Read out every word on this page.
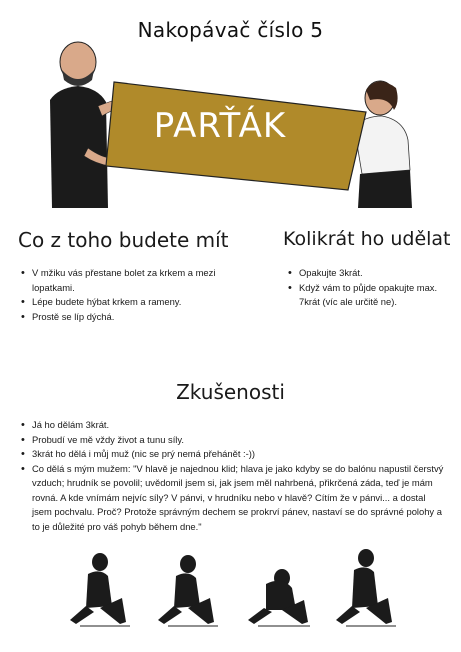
Nakopávač číslo 5
PARŤÁK
Co z toho budete mít
• V mžiku vás přestane bolet za krkem a mezi lopatkami.
• Lépe budete hýbat krkem a rameny.
• Prostě se líp dýchá.
Kolikrát ho udělat
• Opakujte 3krát.
• Když vám to půjde opakujte max. 7krát (víc ale určitě ne).
Zkušenosti
• Já ho dělám 3krát.
• Probudí ve mě vždy život a tunu síly.
• 3krát ho dělá i můj muž (nic se prý nemá přehánět :-))
• Co dělá s mým mužem: "V hlavě je najednou klid; hlava je jako kdyby se do balónu napustil čerstvý vzduch; hrudník se povolil; uvědomil jsem si, jak jsem měl nahrbená, přikrčená záda, teď je mám rovná. A kde vnímám nejvíc síly? V pánvi, v hrudníku nebo v hlavě? Cítím že v pánvi... a dostal jsem pochvalu. Proč? Protože správným dechem se prokrví pánev, nastaví se do správné polohy a to je důležité pro váš pohyb během dne."
